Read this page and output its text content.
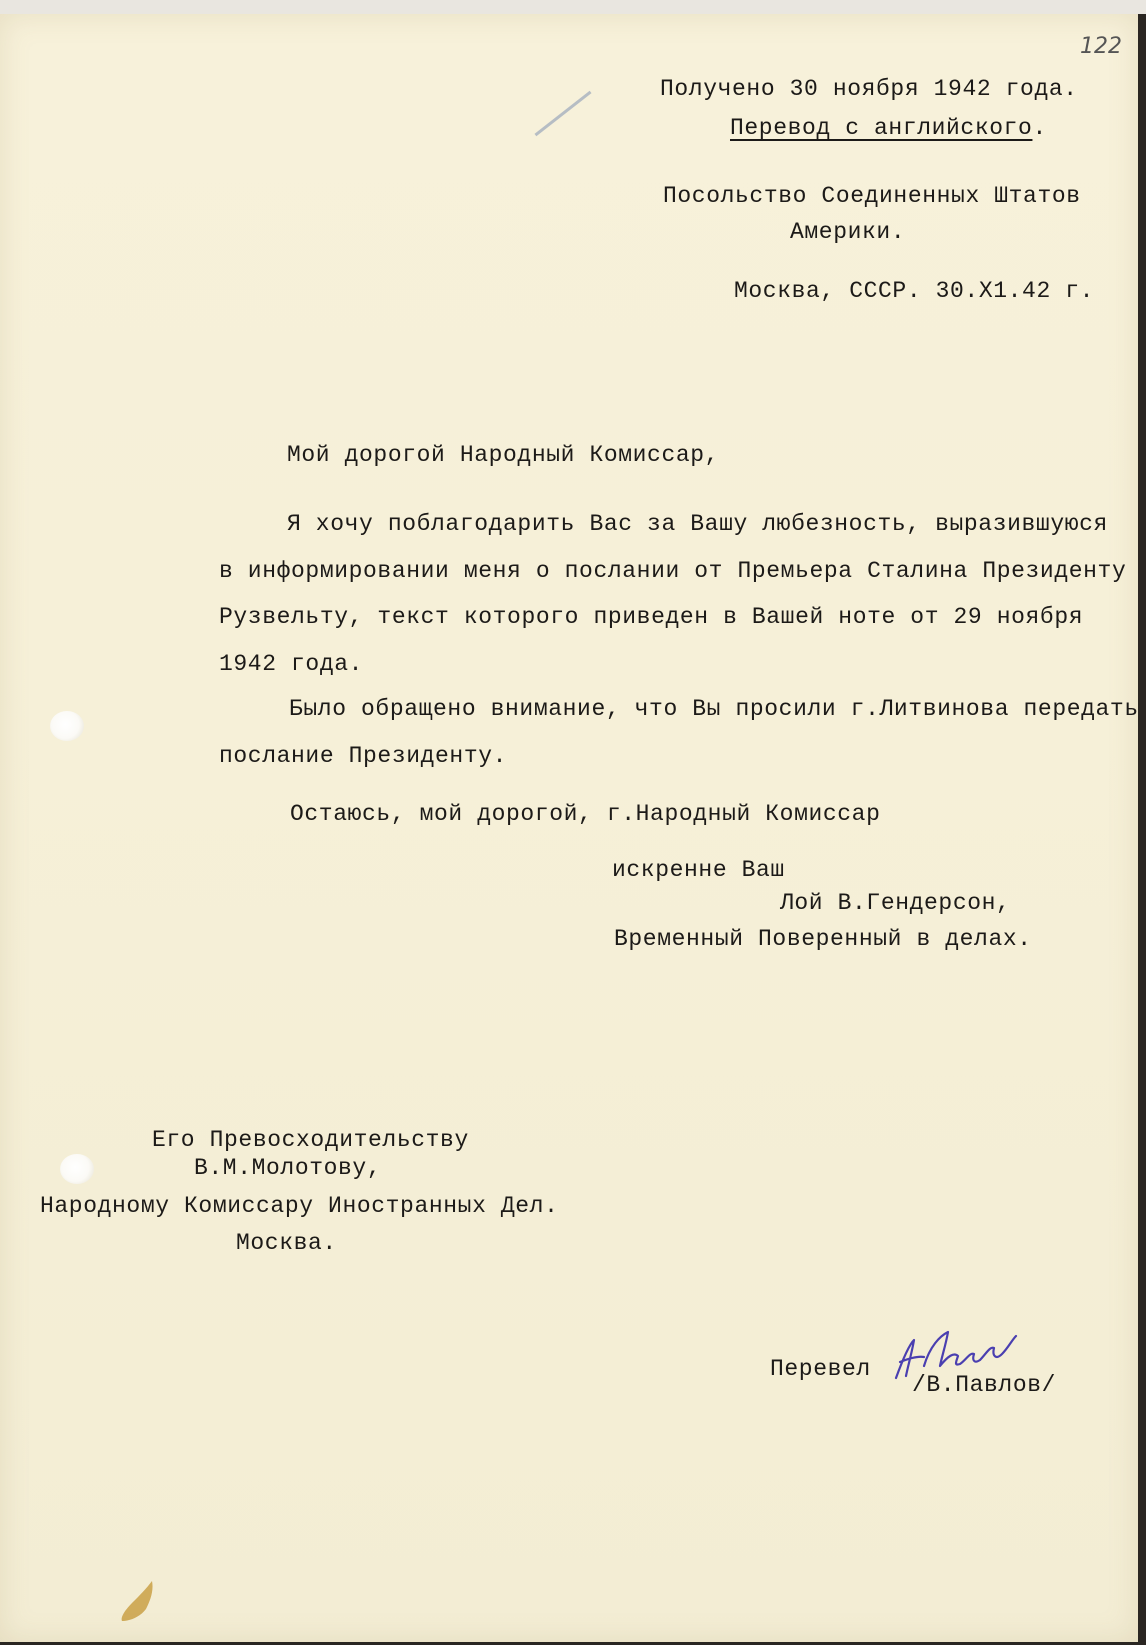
122
Получено 30 ноября 1942 года.
Перевод с английского.
Посольство Соединенных Штатов
Америки.
Москва, СССР. 30.Х1.42 г.
Мой дорогой Народный Комиссар,
Я хочу поблагодарить Вас за Вашу любезность, выразившуюся
в информировании меня о послании от Премьера Сталина Президенту
Рузвельту, текст которого приведен в Вашей ноте от 29 ноября
1942 года.
Было обращено внимание, что Вы просили г.Литвинова передать
послание Президенту.
Остаюсь, мой дорогой, г.Народный Комиссар
искренне Ваш
Лой В.Гендерсон,
Временный Поверенный в делах.
Его Превосходительству
В.М.Молотову,
Народному Комиссару Иностранных Дел.
Москва.
Перевел
/В.Павлов/
